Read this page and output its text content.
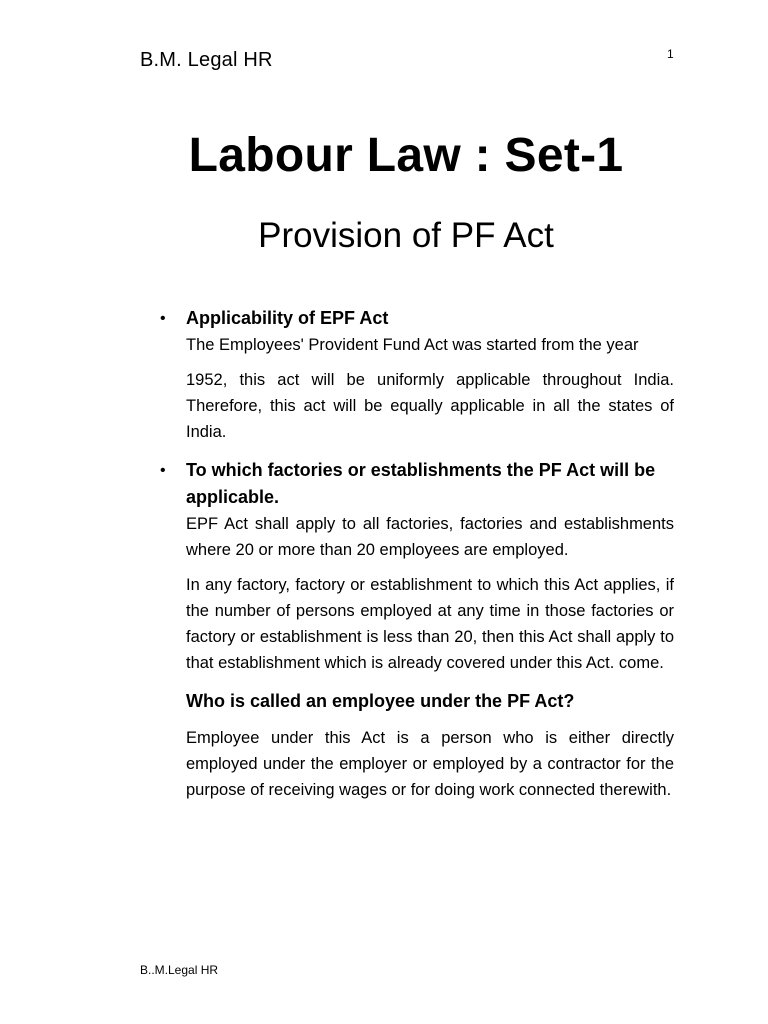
B.M. Legal HR	1
Labour Law : Set-1
Provision of PF Act
• Applicability of EPF Act

The Employees' Provident Fund Act was started from the year

1952, this act will be uniformly applicable throughout India. Therefore, this act will be equally applicable in all the states of India.

• To which factories or establishments the PF Act will be applicable.

EPF Act shall apply to all factories, factories and establishments where 20 or more than 20 employees are employed.

In any factory, factory or establishment to which this Act applies, if the number of persons employed at any time in those factories or factory or establishment is less than 20, then this Act shall apply to that establishment which is already covered under this Act. come.

Who is called an employee under the PF Act?

Employee under this Act is a person who is either directly employed under the employer or employed by a contractor for the purpose of receiving wages or for doing work connected therewith.

B..M.Legal HR
